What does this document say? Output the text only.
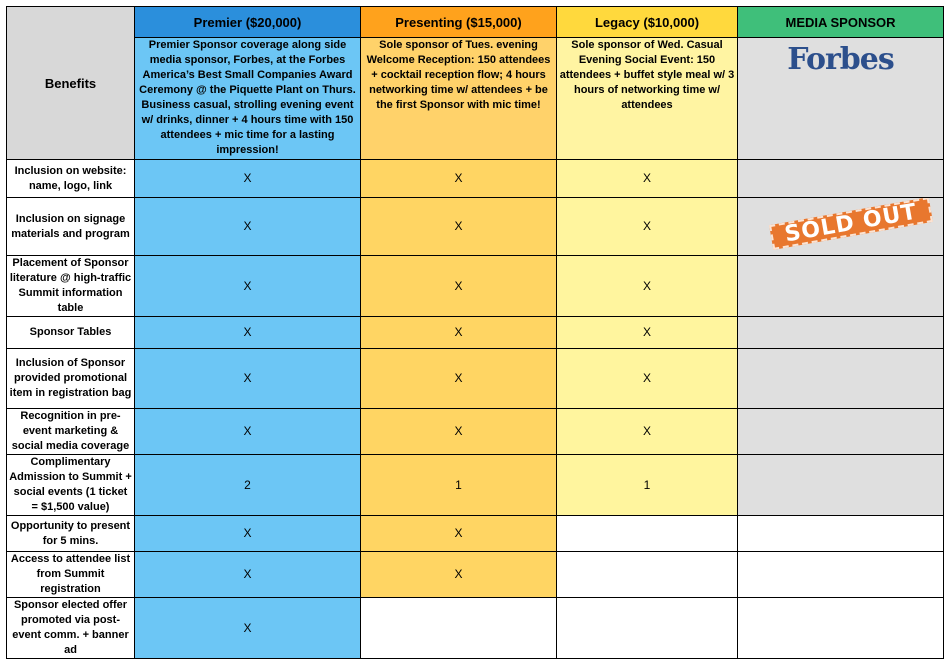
Benefits	Premier ($20,000)	Presenting ($15,000)	Legacy ($10,000)	MEDIA SPONSOR
	Premier Sponsor coverage along side media sponsor, Forbes, at the Forbes America’s Best Small Companies Award Ceremony @ the Piquette Plant on Thurs. Business casual, strolling evening event w/ drinks, dinner + 4 hours time with 150 attendees + mic time for a lasting impression!	Sole sponsor of Tues. evening Welcome Reception: 150 attendees + cocktail reception flow; 4 hours networking time w/ attendees + be the first Sponsor with mic time!	Sole sponsor of Wed. Casual Evening Social Event: 150 attendees + buffet style meal w/ 3 hours of networking time w/ attendees	Forbes

Inclusion on website: name, logo, link	X	X	X	
Inclusion on signage materials and program	X	X	X	SOLD OUT

Placement of Sponsor literature @ high-traffic Summit information table	X	X	X	
Sponsor Tables	X	X	X	
Inclusion of Sponsor provided promotional item in registration bag	X	X	X	
Recognition in pre-event marketing & social media coverage	X	X	X	
Complimentary Admission to Summit + social events (1 ticket = $1,500 value)	2	1	1	
Opportunity to present for 5 mins.	X	X		
Access to attendee list from Summit registration	X	X		
Sponsor elected offer promoted via post-event comm. + banner ad	X			
